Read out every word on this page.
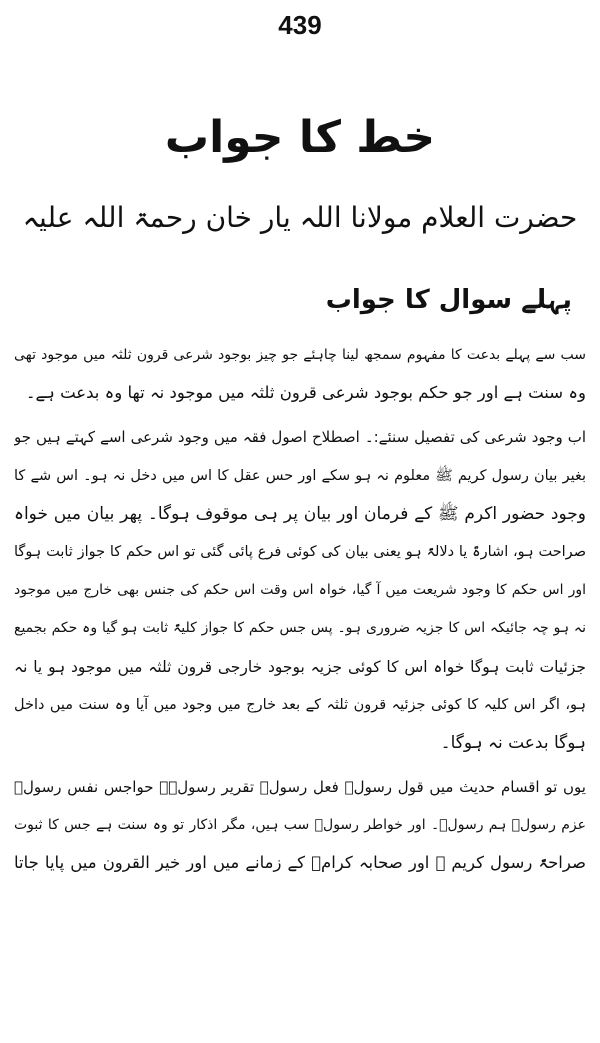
439
خط کا جواب
حضرت العلام مولانا اللہ یار خان رحمۃ اللہ علیہ
پہلے سوال کا جواب
سب سے پہلے بدعت کا مفہوم سمجھ لینا چاہئے جو چیز بوجود شرعی قرون ثلثہ میں موجود تھی
وہ سنت ہے اور جو حکم بوجود شرعی قرون ثلثہ میں موجود نہ تھا وہ بدعت ہے۔
اب وجود شرعی کی تفصیل سنئے:۔ اصطلاح اصول فقہ میں وجود شرعی اسے کہتے ہیں جو
بغیر بیان رسول کریم ﷺ معلوم نہ ہو سکے اور حس عقل کا اس میں دخل نہ ہو۔ اس شے کا
وجود حضور اکرم ﷺ کے فرمان اور بیان پر ہی موقوف ہوگا۔ پھر بیان میں خواہ
صراحت ہو، اشارۃً یا دلالۃً ہو یعنی بیان کی کوئی فرع پائی گئی تو اس حکم کا جواز ثابت ہوگا
اور اس حکم کا وجود شریعت میں آ گیا، خواہ اس وقت اس حکم کی جنس بھی خارج میں موجود
نہ ہو چہ جائیکہ اس کا جزیہ ضروری ہو۔ پس جس حکم کا جواز کلیۃً ثابت ہو گیا وہ حکم بجمیع
جزئیات ثابت ہوگا خواہ اس کا کوئی جزیہ بوجود خارجی قرون ثلثہ میں موجود ہو یا نہ
ہو، اگر اس کلیہ کا کوئی جزئیہ قرون ثلثہ کے بعد خارج میں وجود میں آیا وہ سنت میں داخل
ہوگا بدعت نہ ہوگا۔
یوں تو اقسام حدیث میں قول رسولؐ فعل رسولؐ تقریر رسولؐ۔ حواجس نفس رسولؐ
عزم رسولؐ ہم رسولؐ۔ اور خواطر رسولؐ سب ہیں، مگر اذکار تو وہ سنت ہے جس کا ثبوت
صراحۃً رسول کریم ﷺ اور صحابہ کرامؓ کے زمانے میں اور خیر القرون میں پایا جاتا
